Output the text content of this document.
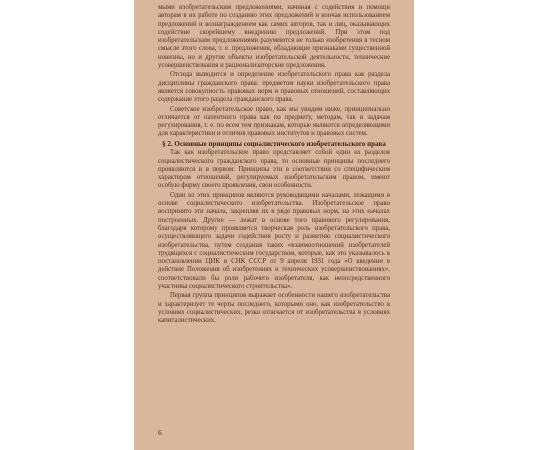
мыми изобретательским предложениями, начиная с содействия и помощи авторам в их работе по созданию этих предложений и кончая использованием предложений и вознаграждением как самих авторов, так и лиц, оказывающих содействие скорейшему внедрению предложений. При этом под изобретательским предложениями разумеются не только изобретения в тесном смысле этого слова, т. е. предложения, обладающие признаками существенной новизны, но и другие объекты изобретательской деятельности, технические усовершенствования и рационализаторские предложения.

Отсюда выводится и определение изобретательского права как раздела дисциплины гражданского права: предметом науки изобретательского права является совокупность правовых норм и правовых отношений, составляющих содержание этого раздела гражданского права.

Советское изобретательское право, как мы увидим ниже, принципиально отличается от патентного права как по предмету, методам, так и задачам регулирования, т. е. по всем тем признакам, которые являются определяющими для характеристики и отличия правовых институтов и правовых систем.

§ 2. Основные принципы социалистического изобретательского права

Так как изобретательское право представляет собой один из разделов социалистического гражданского права, то основные принципы последнего проявляются и в первом. Принципы эти в соответствии со специфическим характером отношений, регулируемых изобретательским правом, имеют особую форму своего проявления, свои особенности.

Одни из этих принципов являются руководящими началами, лежащими в основе социалистического изобретательства. Изобретательское право воспринято эти начала, закрепляя их в ряде правовых норм, на этих началах построенных. Другие — лежат в основе того правового регулирования, благодаря которому проявляется творческая роль изобретательского права, осуществляющего задачи содействия росту и развитию социалистического изобретательства, путем создания таких «взаимоотношений изобретателей трудящихся с социалистическим государством, которые, как это указывалось в постановлении ЦИК и СНК СССР от 9 апреля 1931 года «О введении в действие Положения об изобретениях и технических усовершенствованиях», соответствовали бы роли рабочего изобретателя, как непосредственного участника социалистического строительства».

Первая группа принципов выражает особенности нашего изобретательства и характеризует те черты последнего, которыми оно, как изобретательство в условиях социалистических, резко отличается от изобретательства в условиях капиталистических.

6
